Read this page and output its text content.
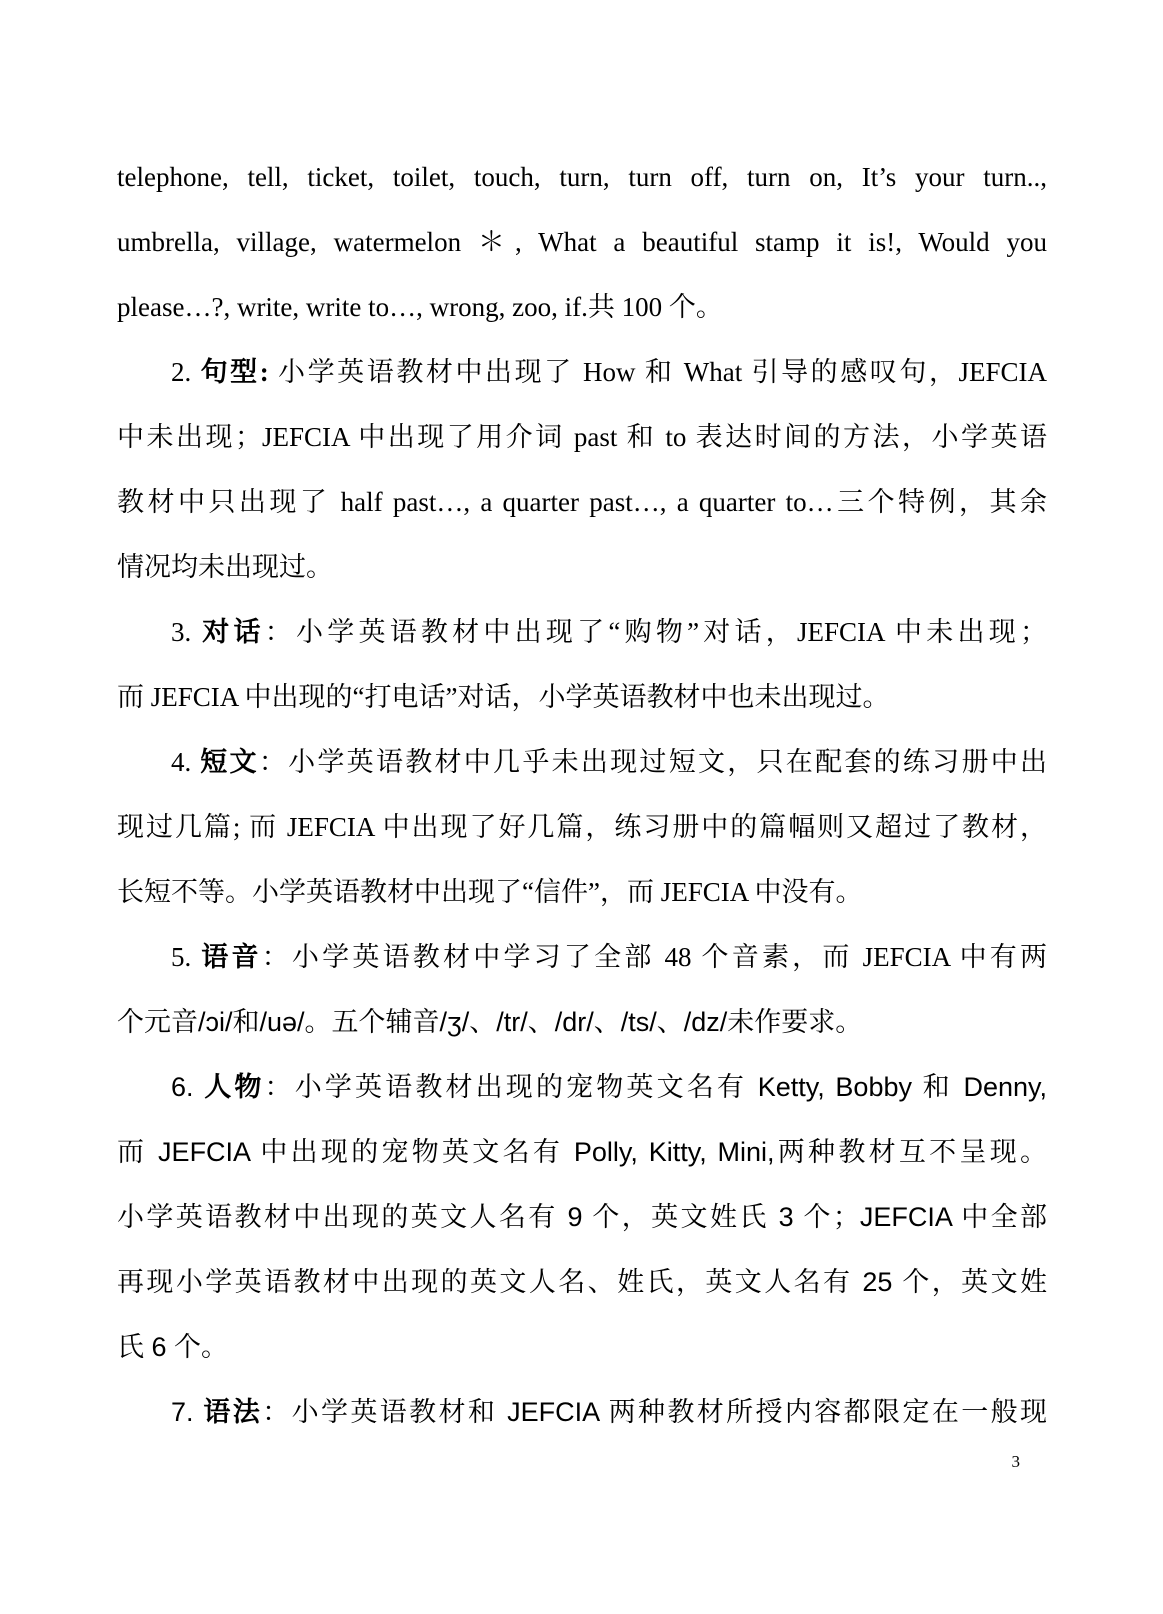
telephone, tell, ticket, toilet, touch, turn, turn off, turn on, It’s your turn..,
umbrella, village, watermelon ＊, What a beautiful stamp it is!, Would you
please…?, write, write to…, wrong, zoo, if.共 100 个。
2. 句型: 小学英语教材中出现了 How 和 What 引导的感叹句，JEFCIA
中未出现；JEFCIA 中出现了用介词 past 和 to 表达时间的方法，小学英语
教材中只出现了 half past…, a quarter past…, a quarter to…三个特例，其余
情况均未出现过。
3. 对话：小学英语教材中出现了“购物”对话，JEFCIA 中未出现；
而 JEFCIA 中出现的“打电话”对话，小学英语教材中也未出现过。
4. 短文：小学英语教材中几乎未出现过短文，只在配套的练习册中出
现过几篇; 而 JEFCIA 中出现了好几篇，练习册中的篇幅则又超过了教材，
长短不等。小学英语教材中出现了“信件”，而 JEFCIA 中没有。
5. 语音：小学英语教材中学习了全部 48 个音素，而 JEFCIA 中有两
个元音/ɔi/和/uə/。五个辅音/ʒ/、/tr/、/dr/、/ts/、/dz/未作要求。
6. 人物：小学英语教材出现的宠物英文名有 Ketty, Bobby 和 Denny,
而 JEFCIA 中出现的宠物英文名有 Polly, Kitty, Mini,两种教材互不呈现。
小学英语教材中出现的英文人名有 9 个，英文姓氏 3 个；JEFCIA 中全部
再现小学英语教材中出现的英文人名、姓氏，英文人名有 25 个，英文姓
氏 6 个。
7. 语法：小学英语教材和 JEFCIA 两种教材所授内容都限定在一般现
3
